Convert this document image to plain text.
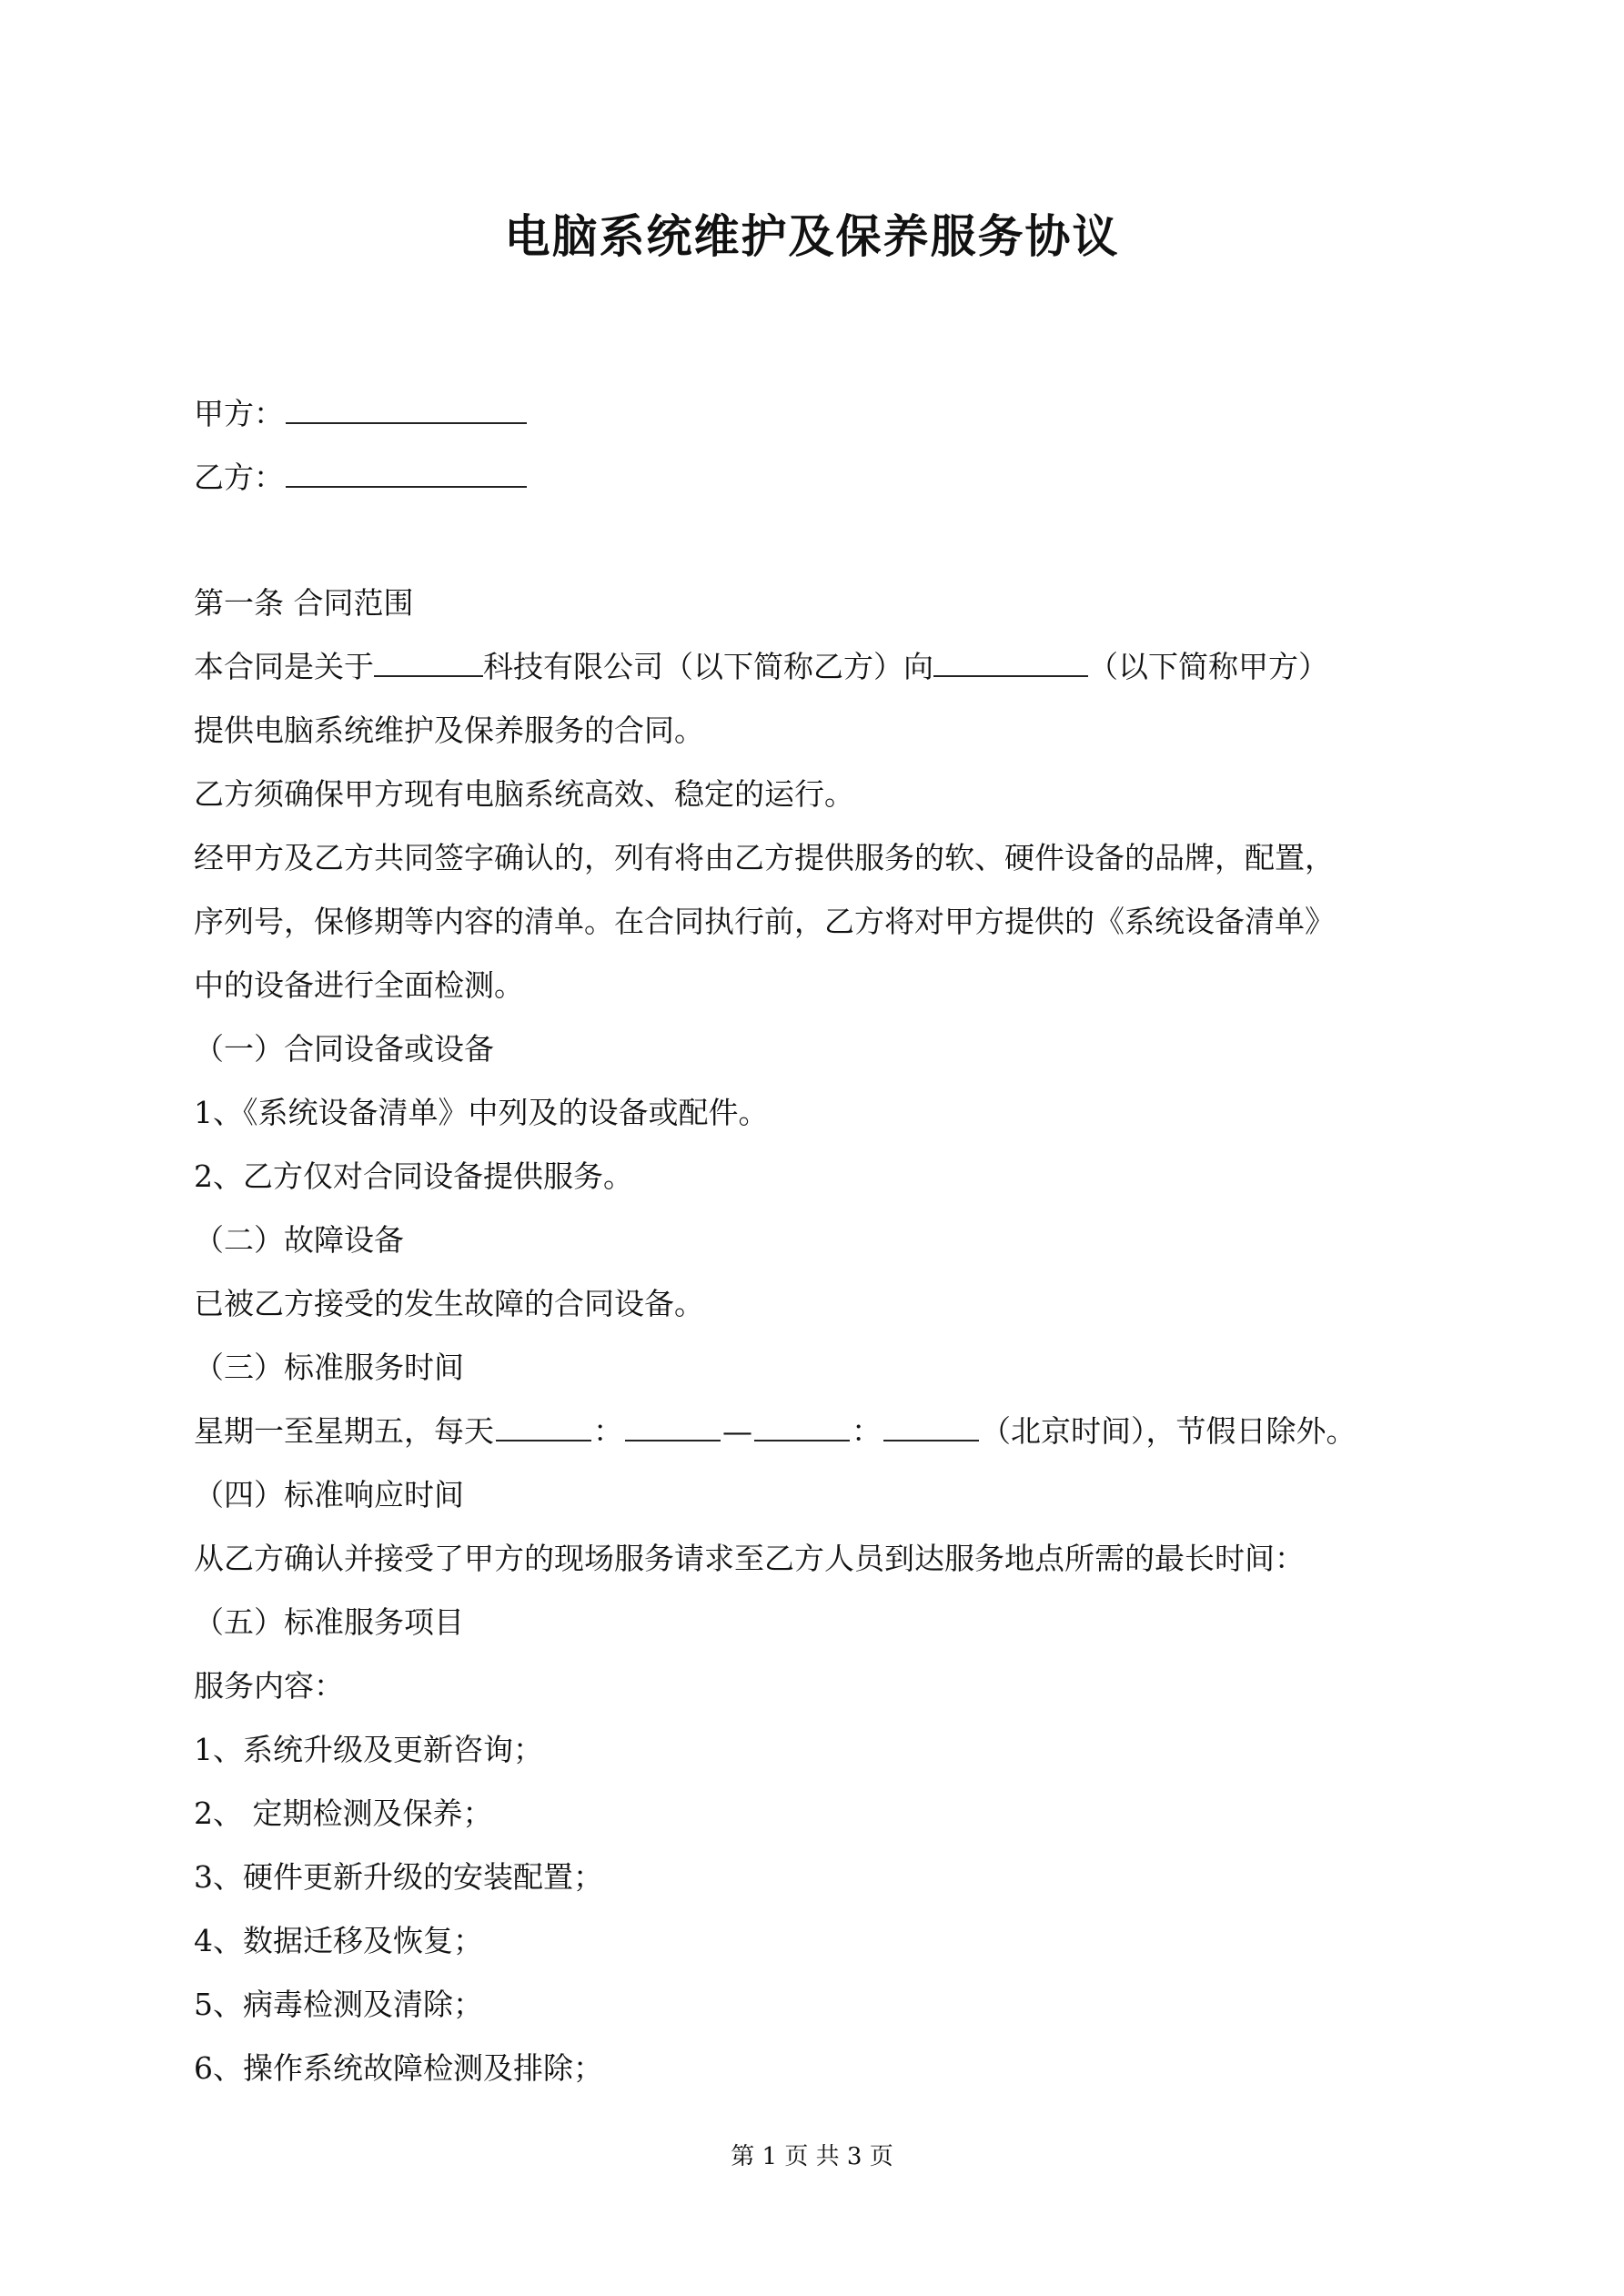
电脑系统维护及保养服务协议
甲方：
乙方：
第一条 合同范围
本合同是关于	科技有限公司（以下简称乙方）向	（以下简称甲方）
提供电脑系统维护及保养服务的合同。
乙方须确保甲方现有电脑系统高效、稳定的运行。
经甲方及乙方共同签字确认的，列有将由乙方提供服务的软、硬件设备的品牌，配置，
序列号，保修期等内容的清单。在合同执行前，乙方将对甲方提供的《系统设备清单》
中的设备进行全面检测。
（一）合同设备或设备
1、《系统设备清单》中列及的设备或配件。
2、乙方仅对合同设备提供服务。
（二）故障设备
已被乙方接受的发生故障的合同设备。
（三）标准服务时间
星期一至星期五，每天	：	—	：	（北京时间），节假日除外。
（四）标准响应时间
从乙方确认并接受了甲方的现场服务请求至乙方人员到达服务地点所需的最长时间：
（五）标准服务项目
服务内容：
1、系统升级及更新咨询；
2、 定期检测及保养；
3、硬件更新升级的安装配置；
4、数据迁移及恢复；
5、病毒检测及清除；
6、操作系统故障检测及排除；
第 1 页 共 3 页
